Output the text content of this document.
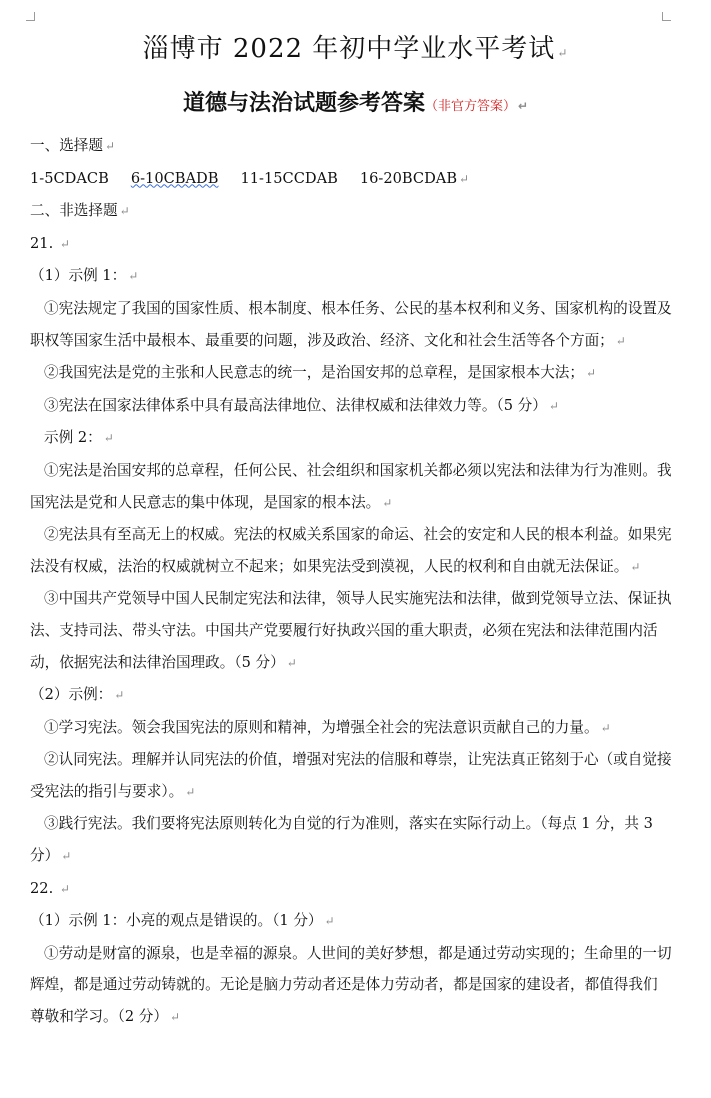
淄博市 2022 年初中学业水平考试 ↵
道德与法治试题参考答案（非官方答案） ↵

一、选择题 ↵

1-5CDACB 6-10CBADB 11-15CCDAB 16-20BCDAB ↵

二、非选择题 ↵

21. ↵

（1）示例 1： ↵

①宪法规定了我国的国家性质、根本制度、根本任务、公民的基本权利和义务、国家机构的设置及职权等国家生活中最根本、最重要的问题，涉及政治、经济、文化和社会生活等各个方面； ↵

②我国宪法是党的主张和人民意志的统一，是治国安邦的总章程，是国家根本大法； ↵

③宪法在国家法律体系中具有最高法律地位、法律权威和法律效力等。（5 分） ↵

示例 2： ↵

①宪法是治国安邦的总章程，任何公民、社会组织和国家机关都必须以宪法和法律为行为准则。我国宪法是党和人民意志的集中体现，是国家的根本法。 ↵

②宪法具有至高无上的权威。宪法的权威关系国家的命运、社会的安定和人民的根本利益。如果宪法没有权威，法治的权威就树立不起来；如果宪法受到漠视，人民的权利和自由就无法保证。 ↵

③中国共产党领导中国人民制定宪法和法律，领导人民实施宪法和法律，做到党领导立法、保证执法、支持司法、带头守法。中国共产党要履行好执政兴国的重大职责，必须在宪法和法律范围内活动，依据宪法和法律治国理政。（5 分） ↵

（2）示例： ↵

①学习宪法。领会我国宪法的原则和精神，为增强全社会的宪法意识贡献自己的力量。 ↵

②认同宪法。理解并认同宪法的价值，增强对宪法的信服和尊崇，让宪法真正铭刻于心（或自觉接受宪法的指引与要求）。 ↵

③践行宪法。我们要将宪法原则转化为自觉的行为准则，落实在实际行动上。（每点 1 分，共 3 分） ↵

22. ↵

（1）示例 1：小亮的观点是错误的。（1 分） ↵

①劳动是财富的源泉，也是幸福的源泉。人世间的美好梦想，都是通过劳动实现的；生命里的一切辉煌，都是通过劳动铸就的。无论是脑力劳动者还是体力劳动者，都是国家的建设者，都值得我们尊敬和学习。（2 分） ↵
